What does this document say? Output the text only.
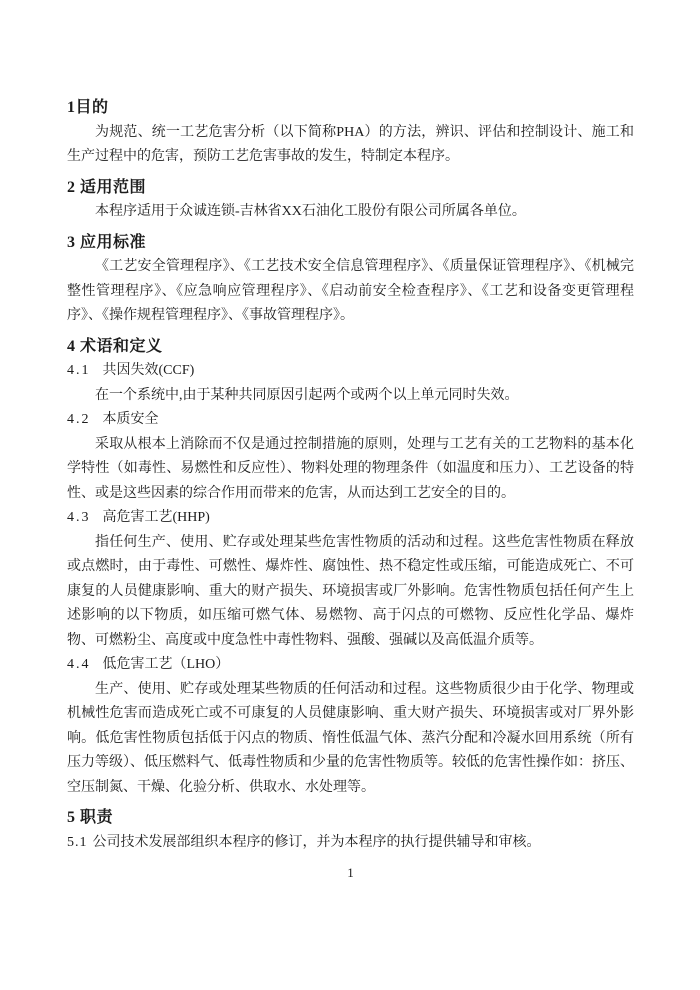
1目的

为规范、统一工艺危害分析（以下简称PHA）的方法，辨识、评估和控制设计、施工和生产过程中的危害，预防工艺危害事故的发生，特制定本程序。

2 适用范围

本程序适用于众诚连锁-吉林省XX石油化工股份有限公司所属各单位。

3 应用标准

《工艺安全管理程序》、《工艺技术安全信息管理程序》、《质量保证管理程序》、《机械完整性管理程序》、《应急响应管理程序》、《启动前安全检查程序》、《工艺和设备变更管理程序》、《操作规程管理程序》、《事故管理程序》。

4 术语和定义
4.1 共因失效(CCF)

在一个系统中,由于某种共同原因引起两个或两个以上单元同时失效。

4.2 本质安全

采取从根本上消除而不仅是通过控制措施的原则，处理与工艺有关的工艺物料的基本化学特性（如毒性、易燃性和反应性）、物料处理的物理条件（如温度和压力）、工艺设备的特性、或是这些因素的综合作用而带来的危害，从而达到工艺安全的目的。

4.3 高危害工艺(HHP)

指任何生产、使用、贮存或处理某些危害性物质的活动和过程。这些危害性物质在释放或点燃时，由于毒性、可燃性、爆炸性、腐蚀性、热不稳定性或压缩，可能造成死亡、不可康复的人员健康影响、重大的财产损失、环境损害或厂外影响。危害性物质包括任何产生上述影响的以下物质，如压缩可燃气体、易燃物、高于闪点的可燃物、反应性化学品、爆炸物、可燃粉尘、高度或中度急性中毒性物料、强酸、强碱以及高低温介质等。

4.4 低危害工艺（LHO）

生产、使用、贮存或处理某些物质的任何活动和过程。这些物质很少由于化学、物理或机械性危害而造成死亡或不可康复的人员健康影响、重大财产损失、环境损害或对厂界外影响。低危害性物质包括低于闪点的物质、惰性低温气体、蒸汽分配和冷凝水回用系统（所有压力等级）、低压燃料气、低毒性物质和少量的危害性物质等。较低的危害性操作如：挤压、空压制氮、干燥、化验分析、供取水、水处理等。

5 职责
5.1 公司技术发展部组织本程序的修订，并为本程序的执行提供辅导和审核。
1
